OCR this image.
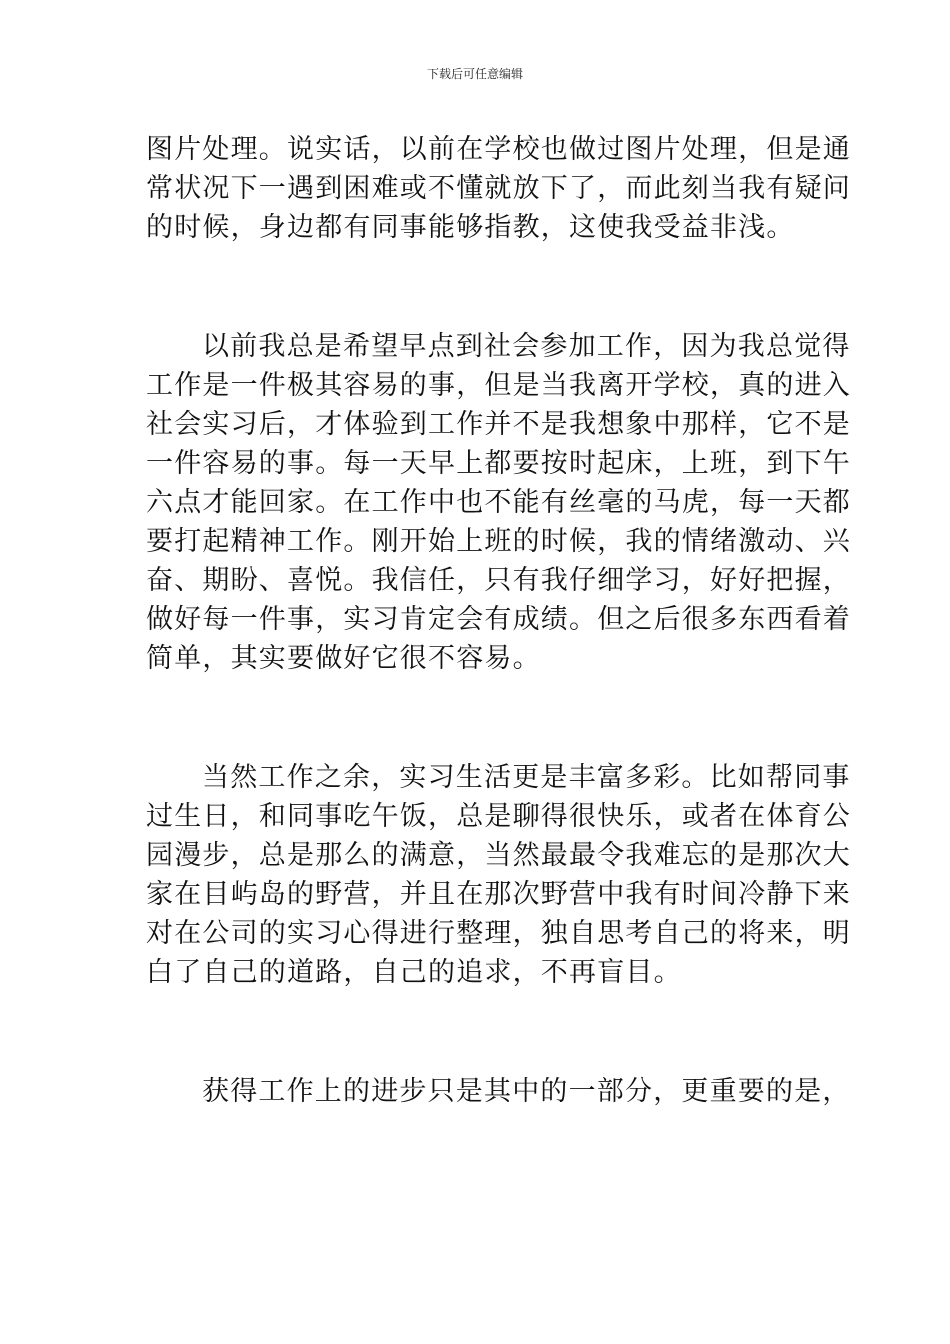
下载后可任意编辑

图片处理。说实话，以前在学校也做过图片处理，但是通
常状况下一遇到困难或不懂就放下了，而此刻当我有疑问
的时候，身边都有同事能够指教，这使我受益非浅。

以前我总是希望早点到社会参加工作，因为我总觉得
工作是一件极其容易的事，但是当我离开学校，真的进入
社会实习后，才体验到工作并不是我想象中那样，它不是
一件容易的事。每一天早上都要按时起床，上班，到下午
六点才能回家。在工作中也不能有丝毫的马虎，每一天都
要打起精神工作。刚开始上班的时候，我的情绪激动、兴
奋、期盼、喜悦。我信任，只有我仔细学习，好好把握，
做好每一件事，实习肯定会有成绩。但之后很多东西看着
简单，其实要做好它很不容易。

当然工作之余，实习生活更是丰富多彩。比如帮同事
过生日，和同事吃午饭，总是聊得很快乐，或者在体育公
园漫步，总是那么的满意，当然最最令我难忘的是那次大
家在目屿岛的野营，并且在那次野营中我有时间冷静下来
对在公司的实习心得进行整理，独自思考自己的将来，明
白了自己的道路，自己的追求，不再盲目。

获得工作上的进步只是其中的一部分，更重要的是，
